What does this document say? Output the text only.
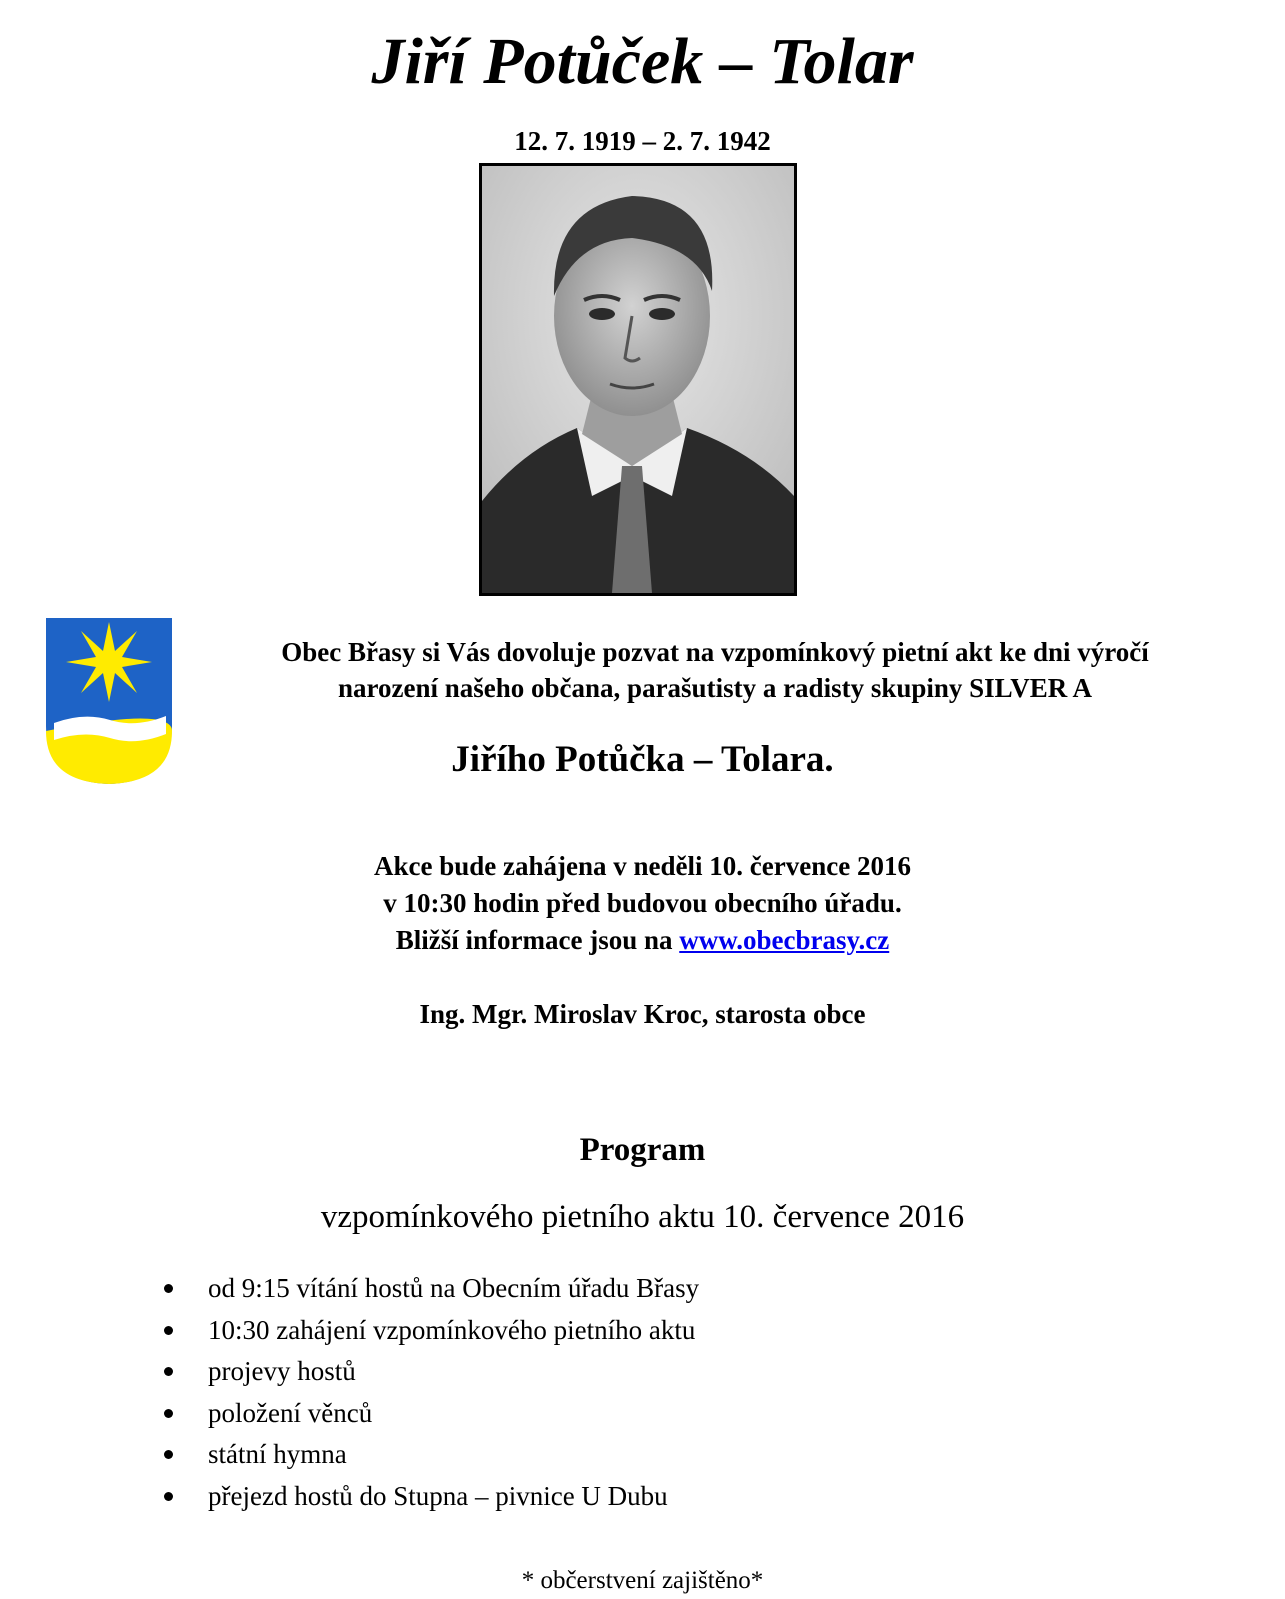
Jiří Potůček – Tolar
12. 7. 1919 – 2. 7. 1942
Obec Břasy si Vás dovoluje pozvat na vzpomínkový pietní akt ke dni výročí
narození našeho občana, parašutisty a radisty skupiny SILVER A
Jiřího Potůčka – Tolara.
Akce bude zahájena v neděli 10. července 2016
v 10:30 hodin před budovou obecního úřadu.
Bližší informace jsou na www.obecbrasy.cz
Ing. Mgr. Miroslav Kroc, starosta obce
Program
vzpomínkového pietního aktu 10. července 2016
od 9:15 vítání hostů na Obecním úřadu Břasy
10:30 zahájení vzpomínkového pietního aktu
projevy hostů
položení věnců
státní hymna
přejezd hostů do Stupna – pivnice U Dubu
* občerstvení zajištěno*
